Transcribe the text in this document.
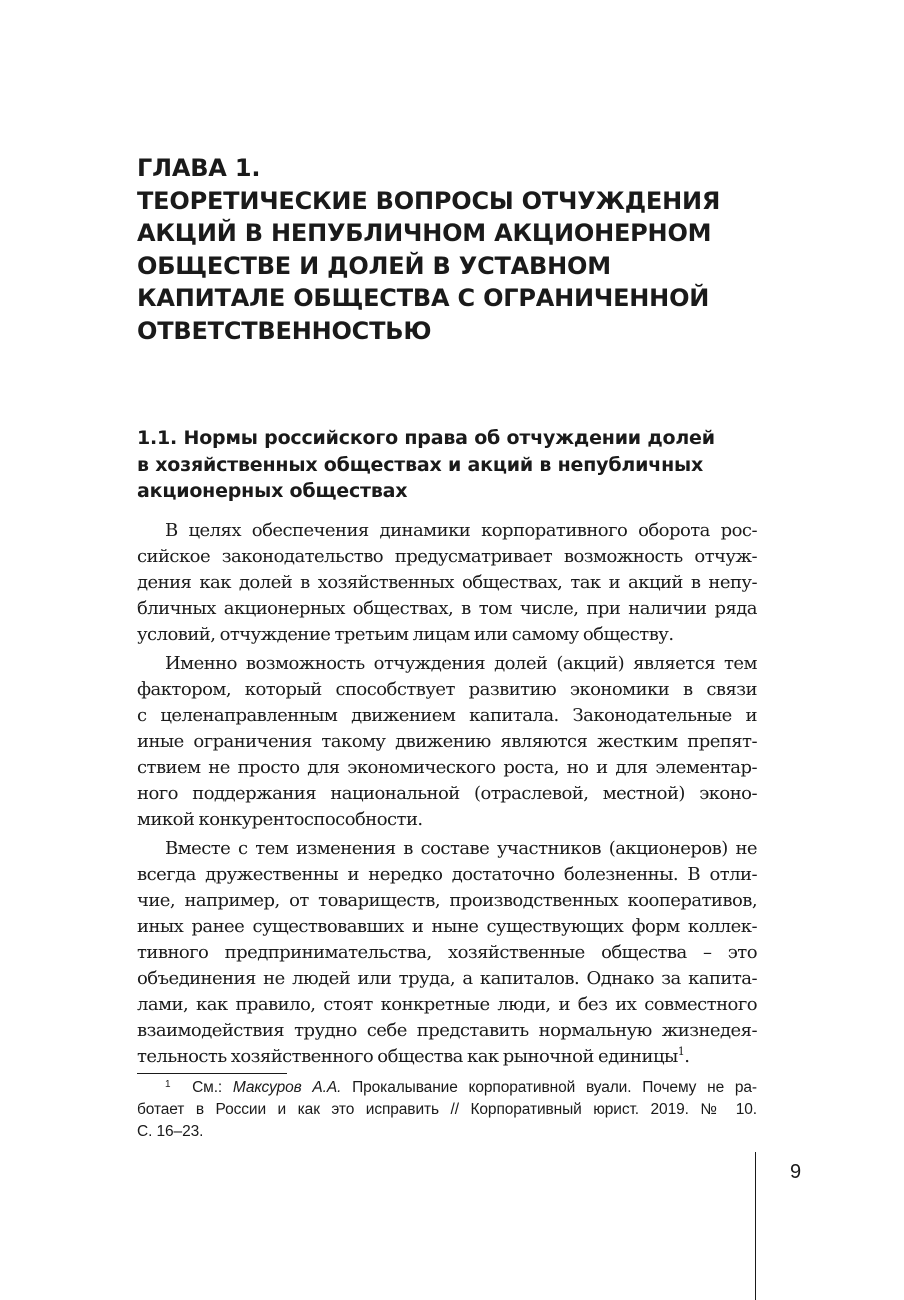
ГЛАВА 1.
ТЕОРЕТИЧЕСКИЕ ВОПРОСЫ ОТЧУЖДЕНИЯ
АКЦИЙ В НЕПУБЛИЧНОМ АКЦИОНЕРНОМ
ОБЩЕСТВЕ И ДОЛЕЙ В УСТАВНОМ
КАПИТАЛЕ ОБЩЕСТВА С ОГРАНИЧЕННОЙ
ОТВЕТСТВЕННОСТЬЮ
1.1. Нормы российского права об отчуждении долей
в хозяйственных обществах и акций в непубличных
акционерных обществах

В целях обеспечения динамики корпоративного оборота рос-
сийское законодательство предусматривает возможность отчуж-
дения как долей в хозяйственных обществах, так и акций в непу-
бличных акционерных обществах, в том числе, при наличии ряда
условий, отчуждение третьим лицам или самому обществу.

Именно возможность отчуждения долей (акций) является тем
фактором, который способствует развитию экономики в связи
с целенаправленным движением капитала. Законодательные и
иные ограничения такому движению являются жестким препят-
ствием не просто для экономического роста, но и для элементар-
ного поддержания национальной (отраслевой, местной) эконо-
микой конкурентоспособности.

Вместе с тем изменения в составе участников (акционеров) не
всегда дружественны и нередко достаточно болезненны. В отли-
чие, например, от товариществ, производственных кооперативов,
иных ранее существовавших и ныне существующих форм коллек-
тивного предпринимательства, хозяйственные общества – это
объединения не людей или труда, а капиталов. Однако за капита-
лами, как правило, стоят конкретные люди, и без их совместного
взаимодействия трудно себе представить нормальную жизнедея-
тельность хозяйственного общества как рыночной единицы$^1$.

$^1$ См.: Максуров А.А. Прокалывание корпоративной вуали. Почему не ра-
ботает в России и как это исправить // Корпоративный юрист. 2019. № 10.
С. 16–23.
9
